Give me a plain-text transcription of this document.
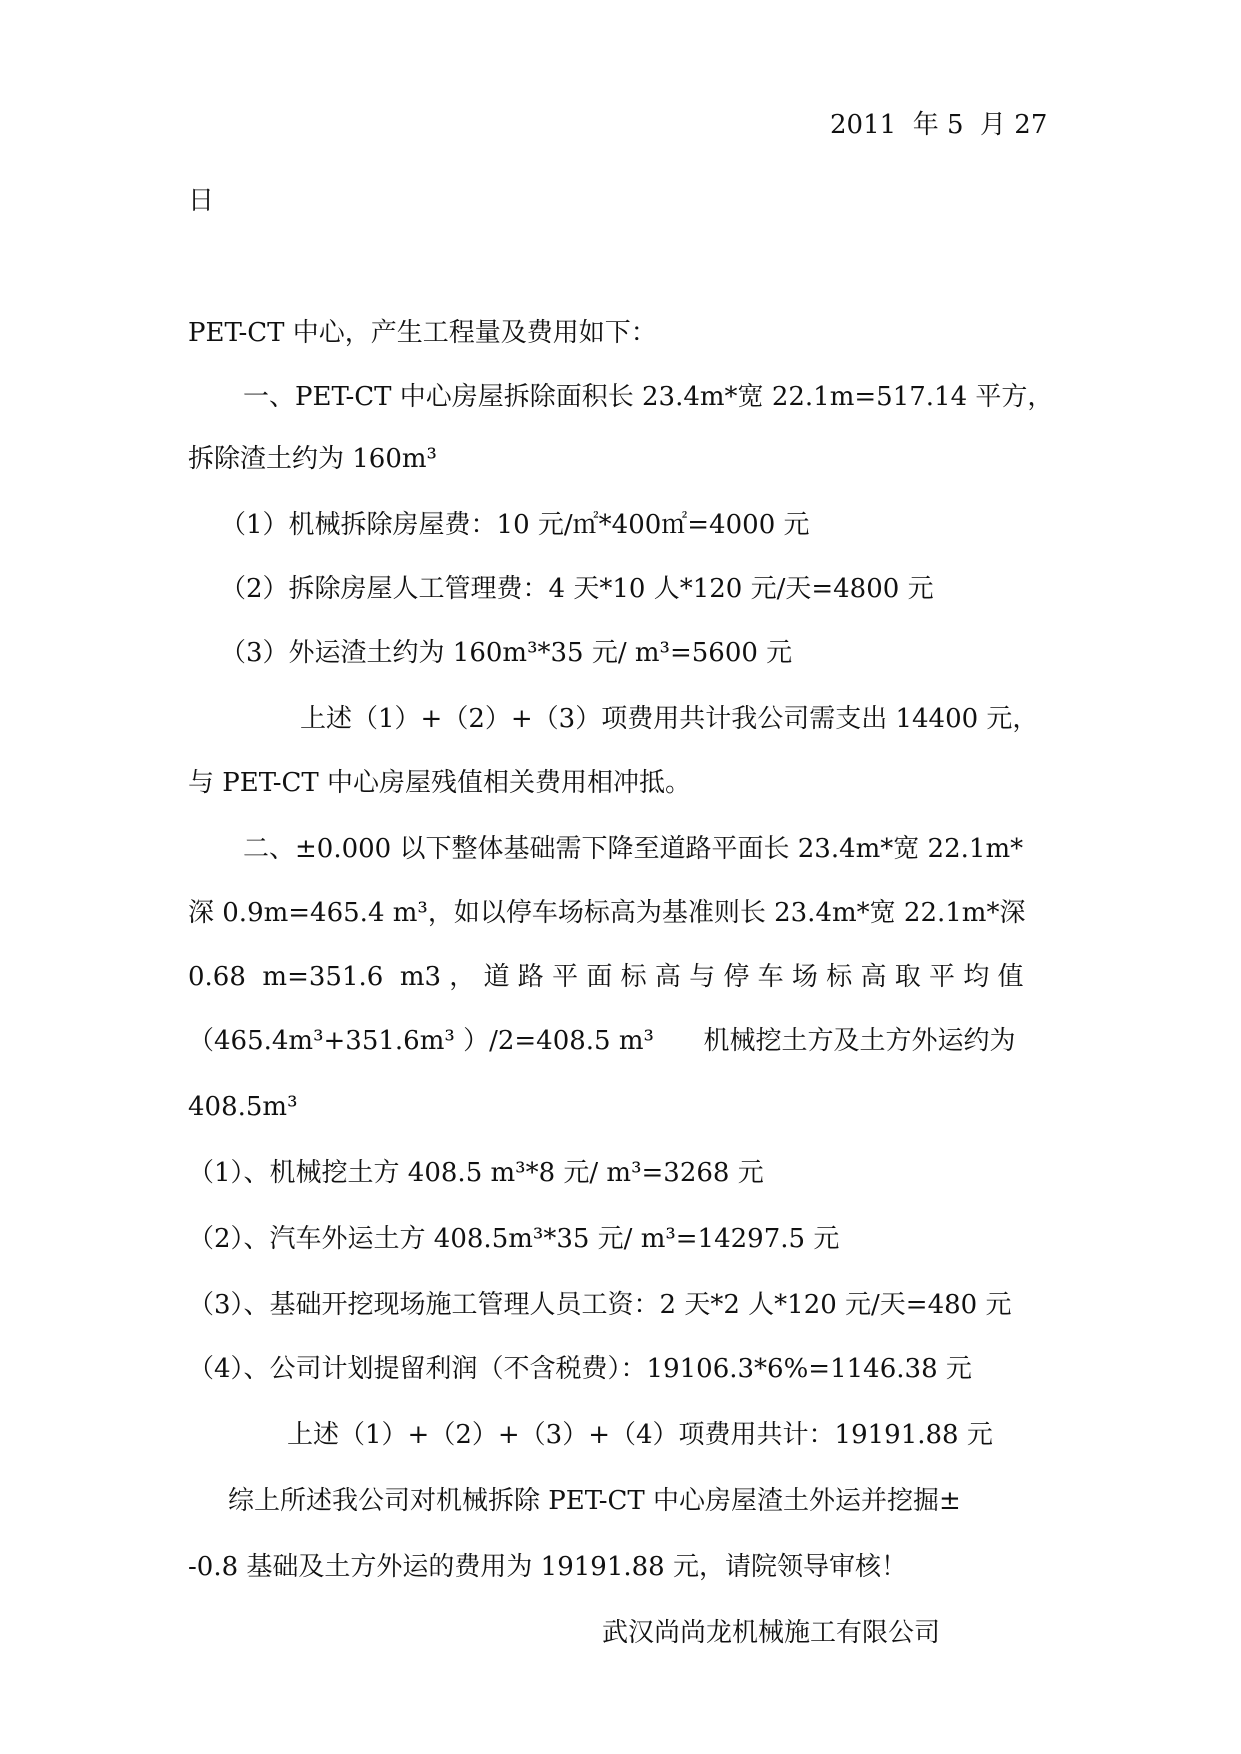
2011  年 5  月 27
日
PET-CT 中心，产生工程量及费用如下：
一、PET-CT 中心房屋拆除面积长 23.4m*宽 22.1m=517.14 平方，
拆除渣土约为 160m³
（1）机械拆除房屋费：10 元/㎡*400㎡=4000 元
（2）拆除房屋人工管理费：4 天*10 人*120 元/天=4800 元
（3）外运渣土约为 160m³*35 元/ m³=5600 元
上述（1）+（2）+（3）项费用共计我公司需支出 14400 元，
与 PET-CT 中心房屋残值相关费用相冲抵。
二、±0.000 以下整体基础需下降至道路平面长 23.4m*宽 22.1m*
深 0.9m=465.4 m³，如以停车场标高为基准则长 23.4m*宽 22.1m*深
0.68  m=351.6  m3 ， 道 路 平 面 标 高 与 停 车 场 标 高 取 平 均 值
（465.4m³+351.6m³ ）/2=408.5 m³      机械挖土方及土方外运约为
408.5m³
（1）、机械挖土方 408.5 m³*8 元/ m³=3268 元
（2）、汽车外运土方 408.5m³*35 元/ m³=14297.5 元
（3）、基础开挖现场施工管理人员工资：2 天*2 人*120 元/天=480 元
（4）、公司计划提留利润（不含税费）：19106.3*6%=1146.38 元
上述（1）+（2）+（3）+（4）项费用共计：19191.88 元
综上所述我公司对机械拆除 PET-CT 中心房屋渣土外运并挖掘±
-0.8 基础及土方外运的费用为 19191.88 元，请院领导审核！
武汉尚尚龙机械施工有限公司
